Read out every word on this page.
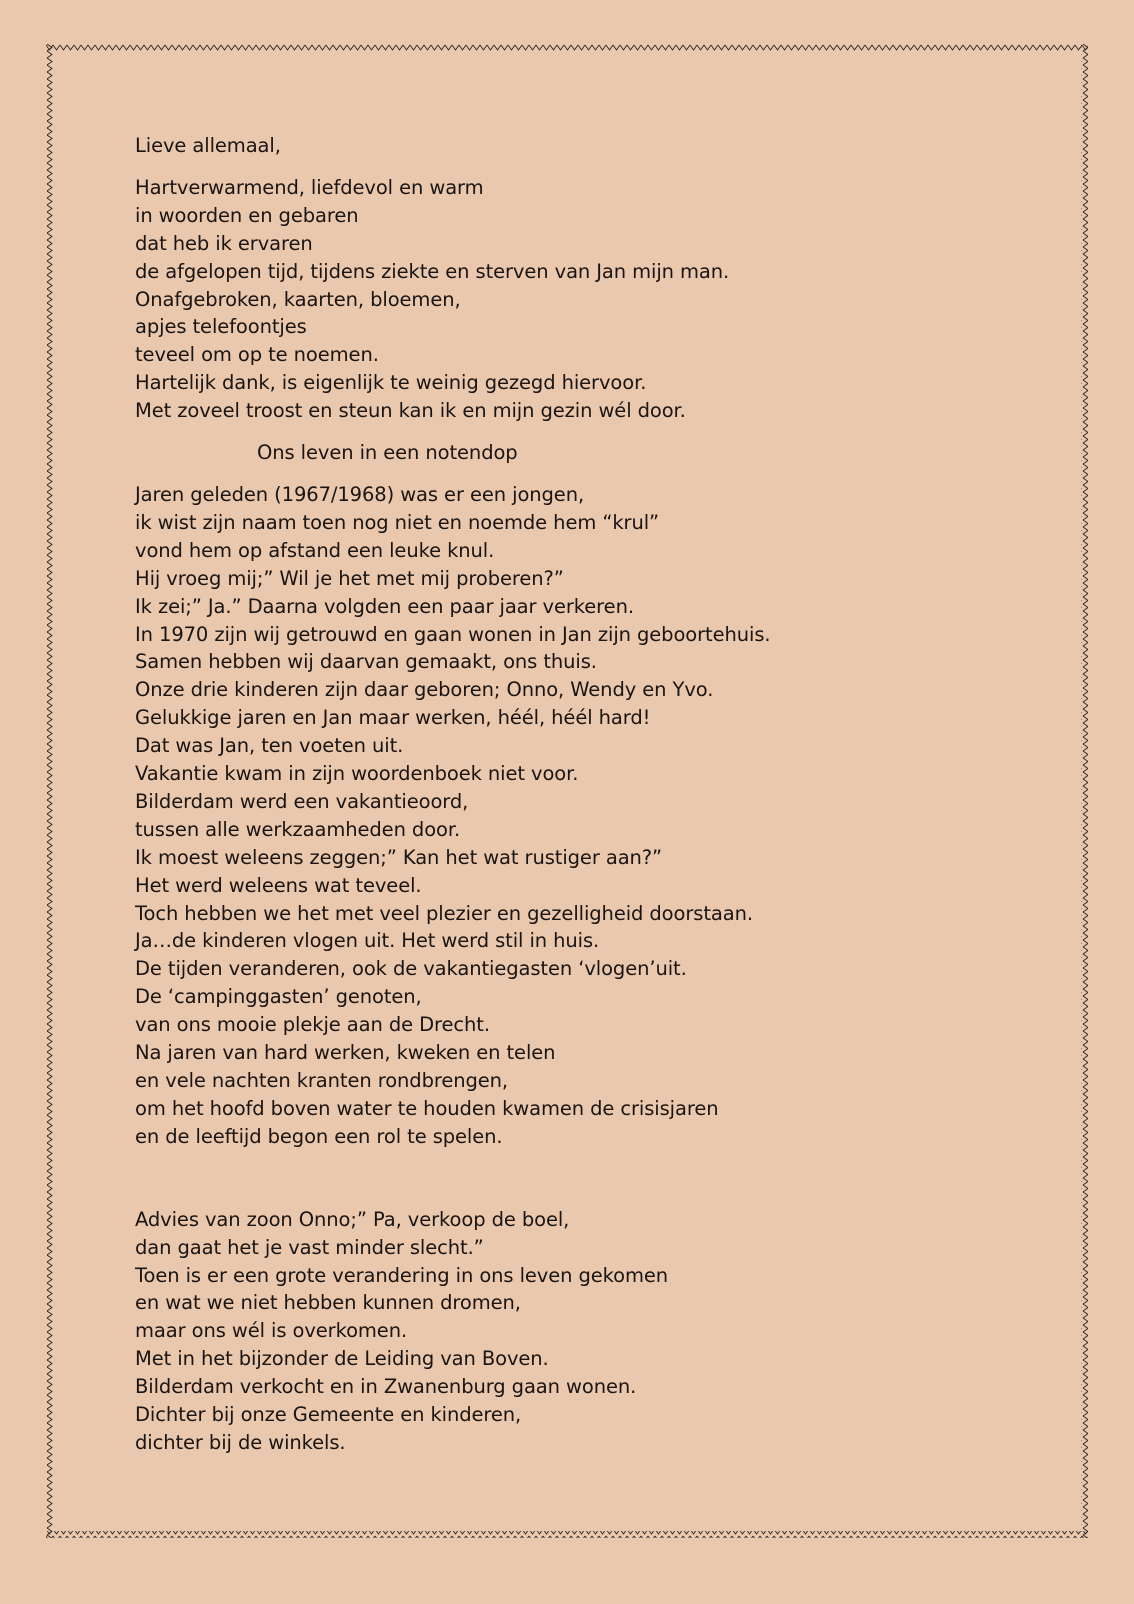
Lieve allemaal,
Hartverwarmend, liefdevol en warm
in woorden en gebaren
dat heb ik ervaren
de afgelopen tijd, tijdens ziekte en sterven van Jan mijn man.
Onafgebroken, kaarten, bloemen,
apjes telefoontjes
teveel om op te noemen.
Hartelijk dank, is eigenlijk te weinig gezegd hiervoor.
Met zoveel troost en steun kan ik en mijn gezin wél door.
Ons leven in een notendop
Jaren geleden (1967/1968) was er een jongen,
ik wist zijn naam toen nog niet en noemde hem “krul”
vond hem op afstand een leuke knul.
Hij vroeg mij;” Wil je het met mij proberen?”
Ik zei;” Ja.” Daarna volgden een paar jaar verkeren.
In 1970 zijn wij getrouwd en gaan wonen in Jan zijn geboortehuis.
Samen hebben wij daarvan gemaakt, ons thuis.
Onze drie kinderen zijn daar geboren; Onno, Wendy en Yvo.
Gelukkige jaren en Jan maar werken, héél, héél hard!
Dat was Jan, ten voeten uit.
Vakantie kwam in zijn woordenboek niet voor.
Bilderdam werd een vakantieoord,
tussen alle werkzaamheden door.
Ik moest weleens zeggen;” Kan het wat rustiger aan?”
Het werd weleens wat teveel.
Toch hebben we het met veel plezier en gezelligheid doorstaan.
Ja…de kinderen vlogen uit. Het werd stil in huis.
De tijden veranderen, ook de vakantiegasten ‘vlogen’uit.
De ‘campinggasten’ genoten,
van ons mooie plekje aan de Drecht.
Na jaren van hard werken, kweken en telen
en vele nachten kranten rondbrengen,
om het hoofd boven water te houden kwamen de crisisjaren
en de leeftijd begon een rol te spelen.
Advies van zoon Onno;” Pa, verkoop de boel,
dan gaat het je vast minder slecht.”
Toen is er een grote verandering in ons leven gekomen
en wat we niet hebben kunnen dromen,
maar ons wél is overkomen.
Met in het bijzonder de Leiding van Boven.
Bilderdam verkocht en in Zwanenburg gaan wonen.
Dichter bij onze Gemeente en kinderen,
dichter bij de winkels.
